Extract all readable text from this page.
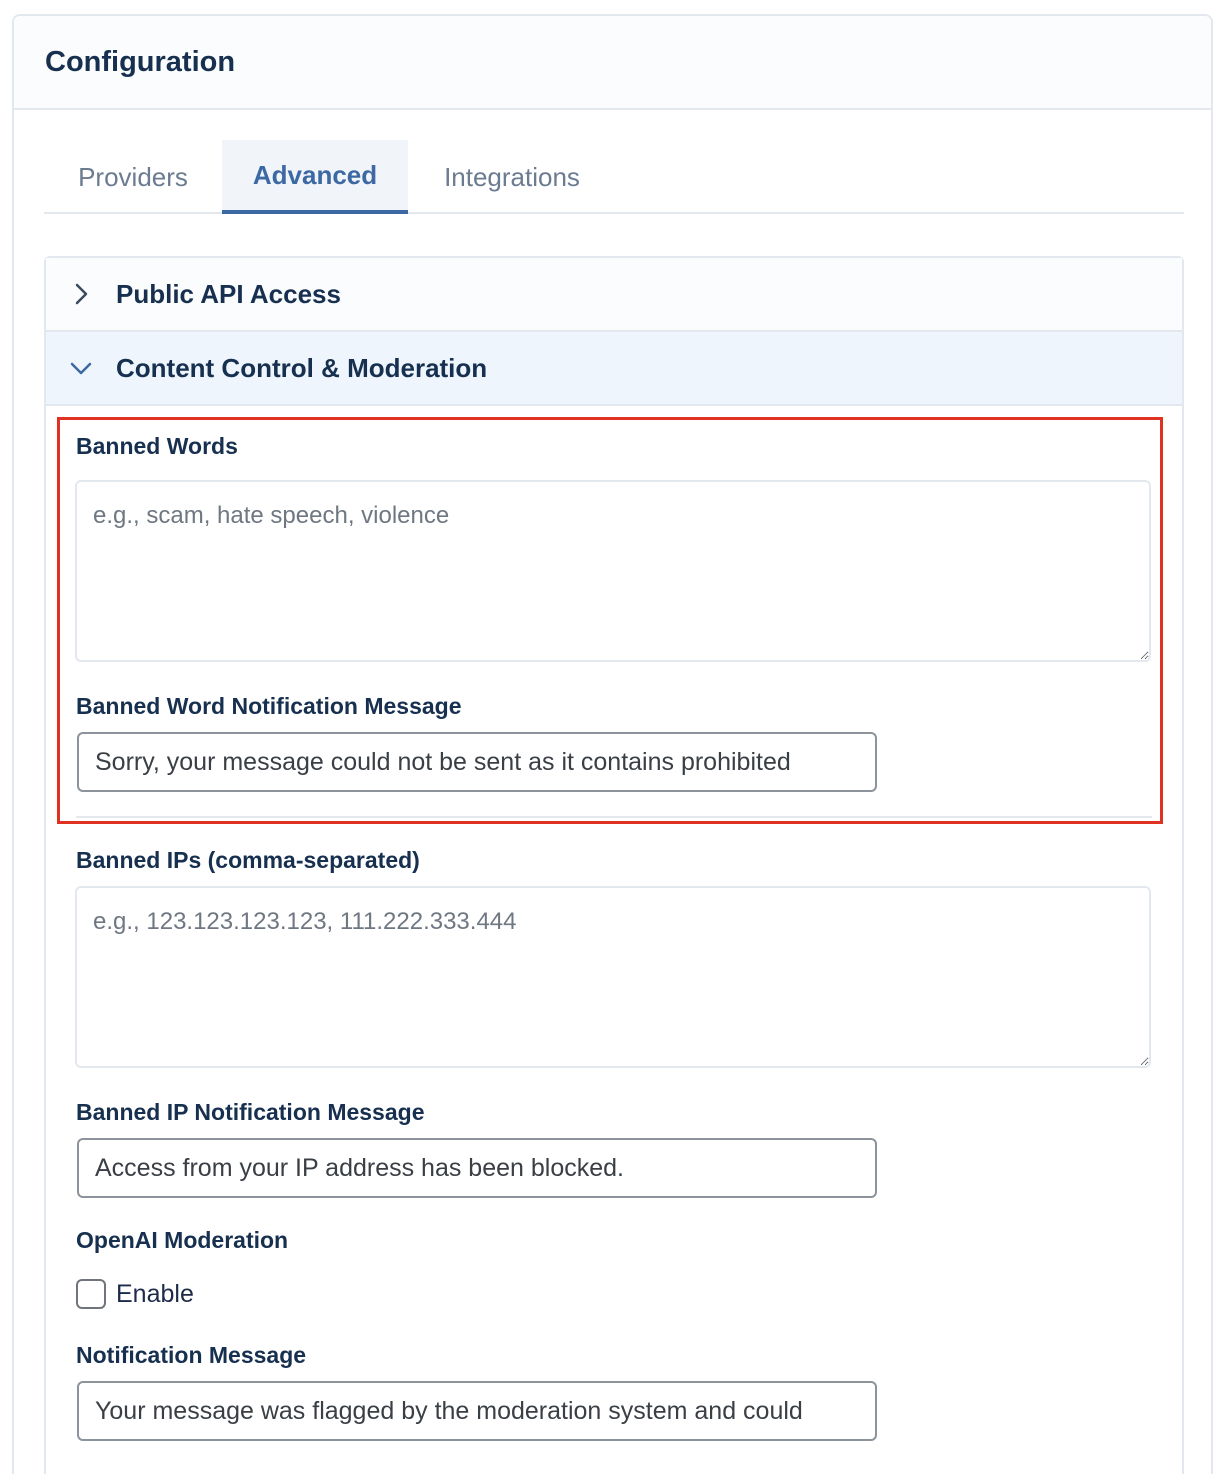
Configuration
Providers	Advanced	Integrations
Public API Access
Content Control & Moderation
Banned Words
e.g., scam, hate speech, violence
Banned Word Notification Message
Sorry, your message could not be sent as it contains prohibited
Banned IPs (comma-separated)
e.g., 123.123.123.123, 111.222.333.444
Banned IP Notification Message
Access from your IP address has been blocked.
OpenAI Moderation
Enable
Notification Message
Your message was flagged by the moderation system and could
